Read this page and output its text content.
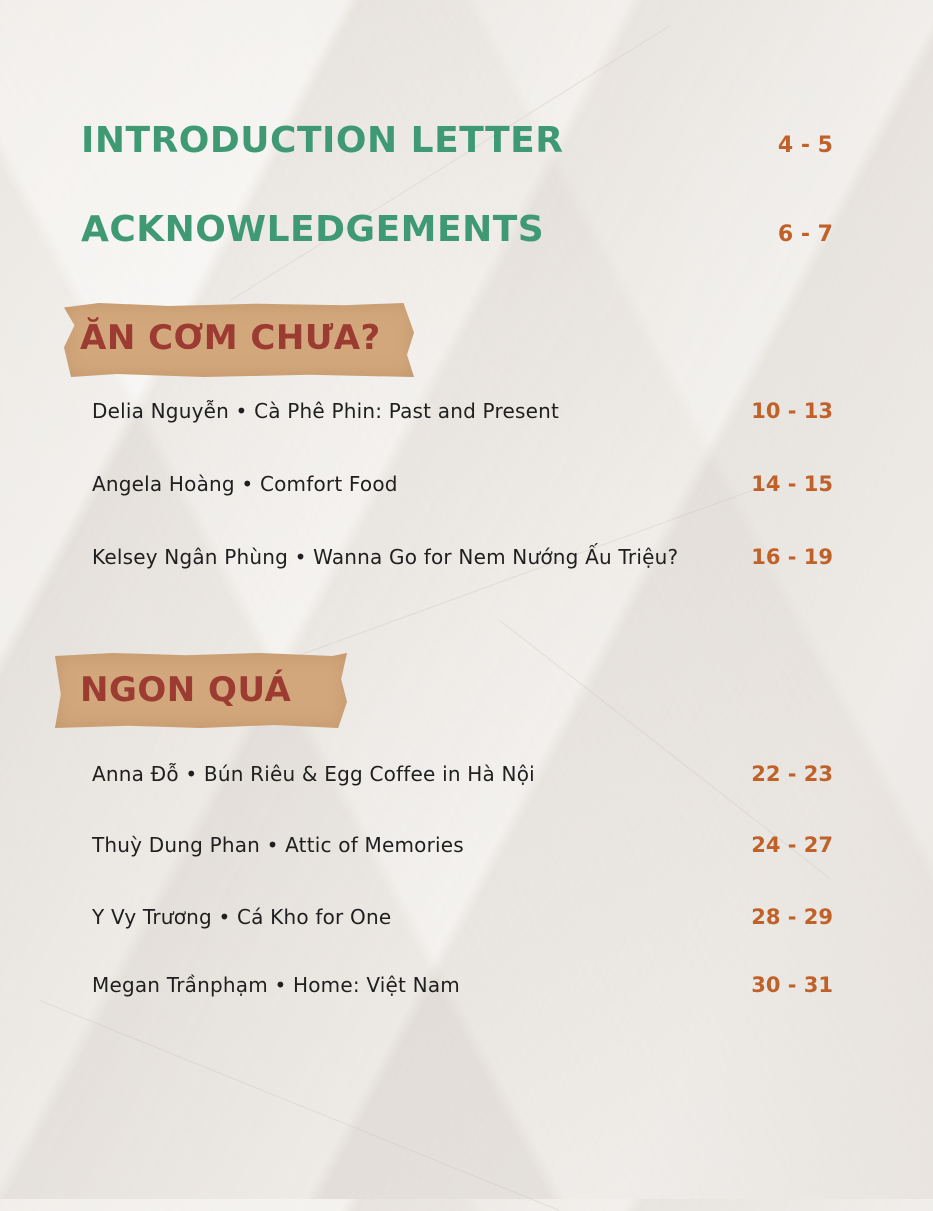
INTRODUCTION LETTER	4 - 5
ACKNOWLEDGEMENTS	6 - 7
ĂN CƠM CHƯA?
Delia Nguyễn • Cà Phê Phin: Past and Present	10 - 13
Angela Hoàng • Comfort Food	14 - 15
Kelsey Ngân Phùng • Wanna Go for Nem Nướng Ấu Triệu?	16 - 19
NGON QUÁ
Anna Đỗ • Bún Riêu & Egg Coffee in Hà Nội	22 - 23
Thuỳ Dung Phan • Attic of Memories	24 - 27
Y Vy Trương • Cá Kho for One	28 - 29
Megan Trầnphạm • Home: Việt Nam	30 - 31
